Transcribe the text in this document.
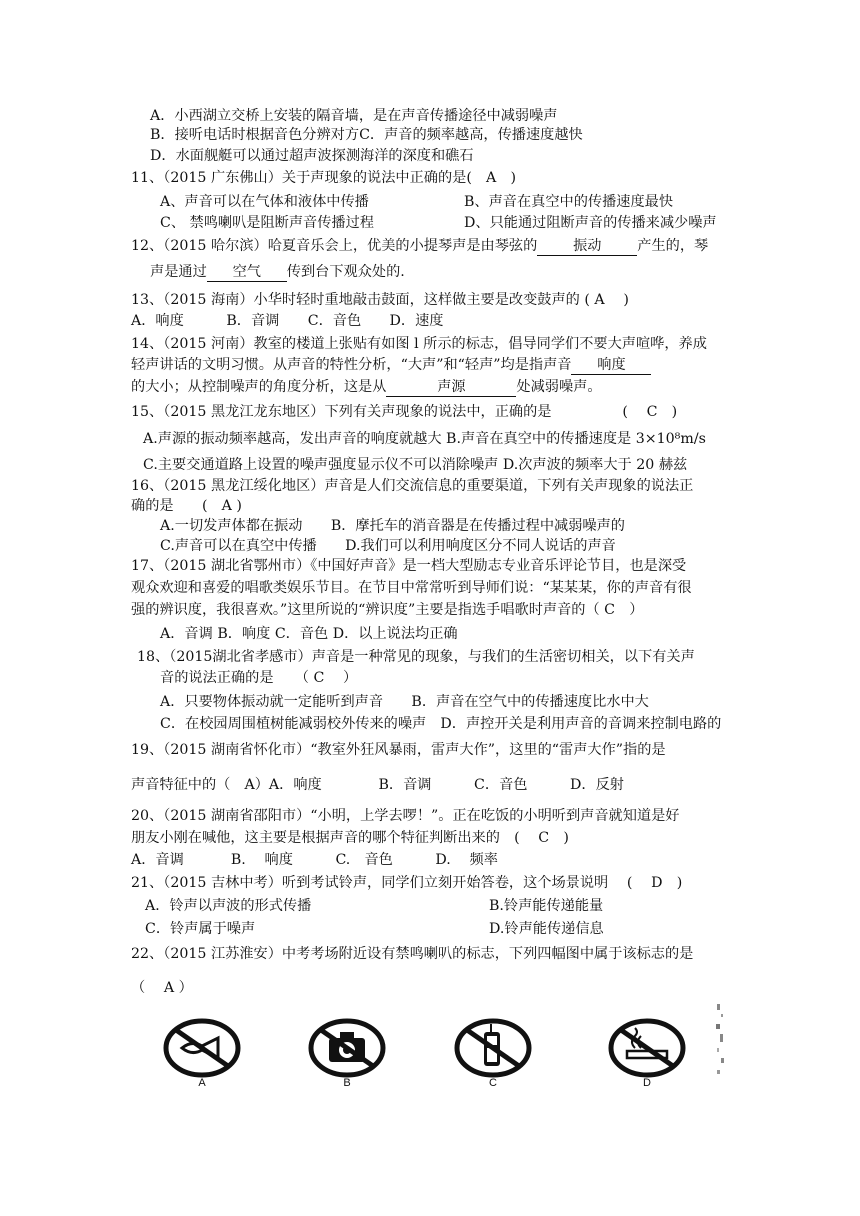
A．小西湖立交桥上安装的隔音墙，是在声音传播途径中减弱噪声
B．接听电话时根据音色分辨对方C．声音的频率越高，传播速度越快
D．水面舰艇可以通过超声波探测海洋的深度和礁石
11、（2015 广东佛山）关于声现象的说法中正确的是(　A　)
A、声音可以在气体和液体中传播	B、声音在真空中的传播速度最快
C、 禁鸣喇叭是阻断声音传播过程	D、只能通过阻断声音的传播来减少噪声
12、（2015 哈尔滨）哈夏音乐会上，优美的小提琴声是由琴弦的	振动	产生的，琴
声是通过 空气 传到台下观众处的.
13、（2015 海南）小华时轻时重地敲击鼓面，这样做主要是改变鼓声的 ( A　 )
A．响度　　　B．音调　　C．音色　　D．速度
14、（2015 河南）教室的楼道上张贴有如图 l 所示的标志，倡导同学们不要大声喧哗，养成
轻声讲话的文明习惯。从声音的特性分析，“大声”和“轻声”均是指声音 响度
的大小；从控制噪声的角度分析，这是从	声源	处减弱噪声。
15、（2015 黑龙江龙东地区）下列有关声现象的说法中，正确的是　　　　　(　 C　)
A.声源的振动频率越高，发出声音的响度就越大 B.声音在真空中的传播速度是 3×10⁸m/s
C.主要交通道路上设置的噪声强度显示仪不可以消除噪声 D.次声波的频率大于 20 赫兹
16、（2015 黑龙江绥化地区）声音是人们交流信息的重要渠道，下列有关声现象的说法正
确的是　　(　A )
A.一切发声体都在振动　　B．摩托车的消音器是在传播过程中减弱噪声的
C.声音可以在真空中传播　　D.我们可以利用响度区分不同人说话的声音
17、（2015 湖北省鄂州市）《中国好声音》是一档大型励志专业音乐评论节目，也是深受
观众欢迎和喜爱的唱歌类娱乐节目。在节目中常常听到导师们说：“某某某，你的声音有很
强的辨识度，我很喜欢。”这里所说的“辨识度”主要是指选手唱歌时声音的（ C　）
A．音调 B．响度 C．音色 D．以上说法均正确
18、（2015湖北省孝感市）声音是一种常见的现象，与我们的生活密切相关，以下有关声
音的说法正确的是　　（ C　 ）
A．只要物体振动就一定能听到声音　　B．声音在空气中的传播速度比水中大
C．在校园周围植树能减弱校外传来的噪声　D．声控开关是利用声音的音调来控制电路的
19、（2015 湖南省怀化市）“教室外狂风暴雨，雷声大作”，这里的“雷声大作”指的是
声音特征中的（　A）A．响度　　　　B．音调　　　C．音色　　　D．反射
20、（2015 湖南省邵阳市）“小明，上学去啰！”。正在吃饭的小明听到声音就知道是好
朋友小刚在喊他，这主要是根据声音的哪个特征判断出来的　(　 C　)
A．音调　　　 B.　 响度　　　C.　音色　　　D.　 频率
21、（2015 吉林中考）听到考试铃声，同学们立刻开始答卷，这个场景说明　 (　 D　)
A．铃声以声波的形式传播	B.铃声能传递能量
C．铃声属于噪声	D.铃声能传递信息
22、（2015 江苏淮安）中考考场附近设有禁鸣喇叭的标志，下列四幅图中属于该标志的是
（　 A ）
A	B	C	D
